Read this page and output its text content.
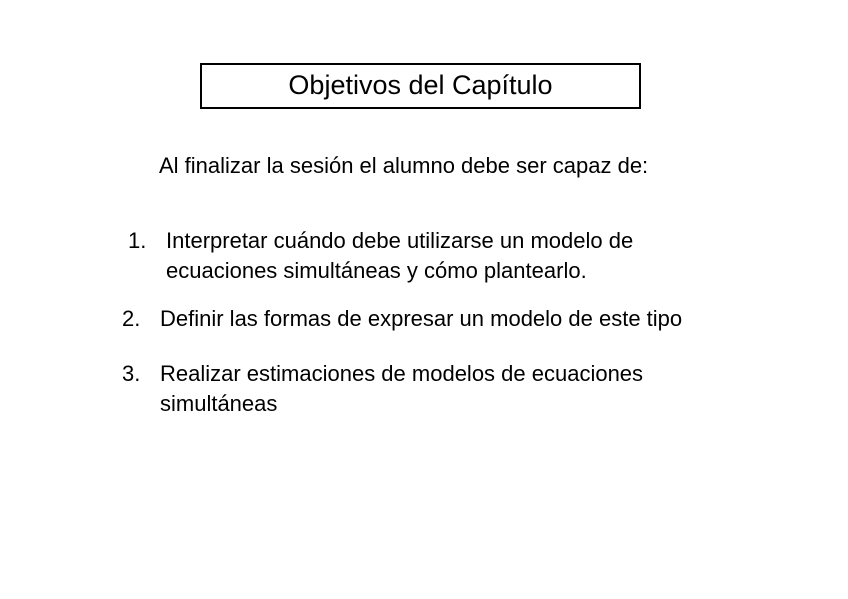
Objetivos del Capítulo
Al finalizar la sesión el alumno debe ser capaz de:
1. Interpretar cuándo debe utilizarse un modelo de
ecuaciones simultáneas y cómo plantearlo.
2. Definir las formas de expresar un modelo de este tipo
3. Realizar estimaciones de modelos de ecuaciones
simultáneas
